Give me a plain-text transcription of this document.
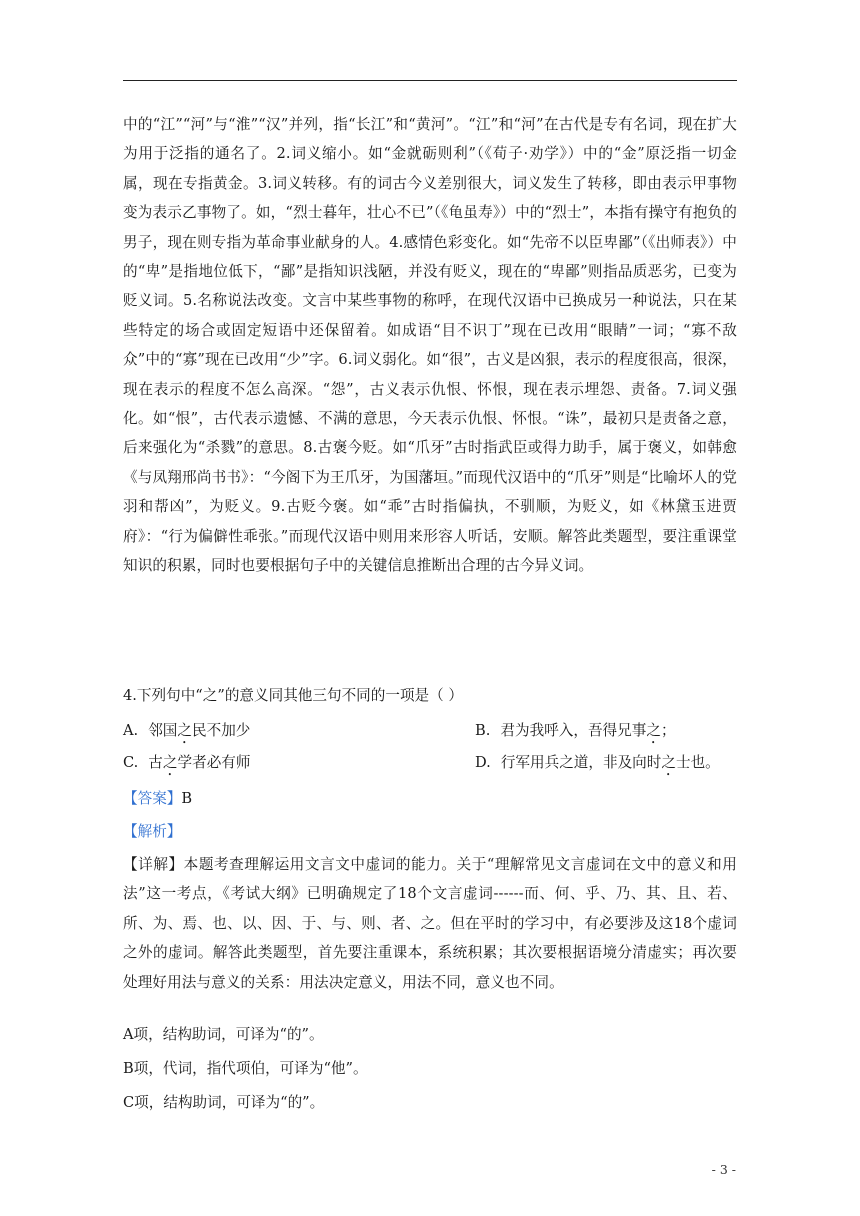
中的“江”“河”与“淮”“汉”并列，指“长江”和“黄河”。“江”和“河”在古代是专有名词，现在扩大为用于泛指的通名了。2.词义缩小。如“金就砺则利”（《荀子·劝学》）中的“金”原泛指一切金属，现在专指黄金。3.词义转移。有的词古今义差别很大，词义发生了转移，即由表示甲事物变为表示乙事物了。如，“烈士暮年，壮心不已”（《龟虽寿》）中的“烈士”，本指有操守有抱负的男子，现在则专指为革命事业献身的人。4.感情色彩变化。如“先帝不以臣卑鄙”（《出师表》）中的“卑”是指地位低下，“鄙”是指知识浅陋，并没有贬义，现在的“卑鄙”则指品质恶劣，已变为贬义词。5.名称说法改变。文言中某些事物的称呼，在现代汉语中已换成另一种说法，只在某些特定的场合或固定短语中还保留着。如成语“目不识丁”现在已改用“眼睛”一词；“寡不敌众”中的“寡”现在已改用“少”字。6.词义弱化。如“很”，古义是凶狠，表示的程度很高，很深，现在表示的程度不怎么高深。“怨”，古义表示仇恨、怀恨，现在表示埋怨、责备。7.词义强化。如“恨”，古代表示遗憾、不满的意思，今天表示仇恨、怀恨。“诛”，最初只是责备之意，后来强化为“杀戮”的意思。8.古褒今贬。如“爪牙”古时指武臣或得力助手，属于褒义，如韩愈《与凤翔邢尚书书》：“今阁下为王爪牙，为国藩垣。”而现代汉语中的“爪牙”则是“比喻坏人的党羽和帮凶”，为贬义。9.古贬今褒。如“乖”古时指偏执，不驯顺，为贬义，如《林黛玉进贾府》：“行为偏僻性乖张。”而现代汉语中则用来形容人听话，安顺。解答此类题型，要注重课堂知识的积累，同时也要根据句子中的关键信息推断出合理的古今异义词。
4.下列句中“之”的意义同其他三句不同的一项是（ ）
A. 邻国之民不加少	B. 君为我呼入，吾得兄事之；
C. 古之学者必有师	D. 行军用兵之道，非及向时之士也。
【答案】B
【解析】
【详解】本题考查理解运用文言文中虚词的能力。关于“理解常见文言虚词在文中的意义和用法”这一考点，《考试大纲》已明确规定了18个文言虚词------而、何、乎、乃、其、且、若、所、为、焉、也、以、因、于、与、则、者、之。但在平时的学习中，有必要涉及这18个虚词之外的虚词。解答此类题型，首先要注重课本，系统积累；其次要根据语境分清虚实；再次要处理好用法与意义的关系：用法决定意义，用法不同，意义也不同。
A项，结构助词，可译为“的”。
B项，代词，指代项伯，可译为“他”。
C项，结构助词，可译为“的”。
- 3 -
